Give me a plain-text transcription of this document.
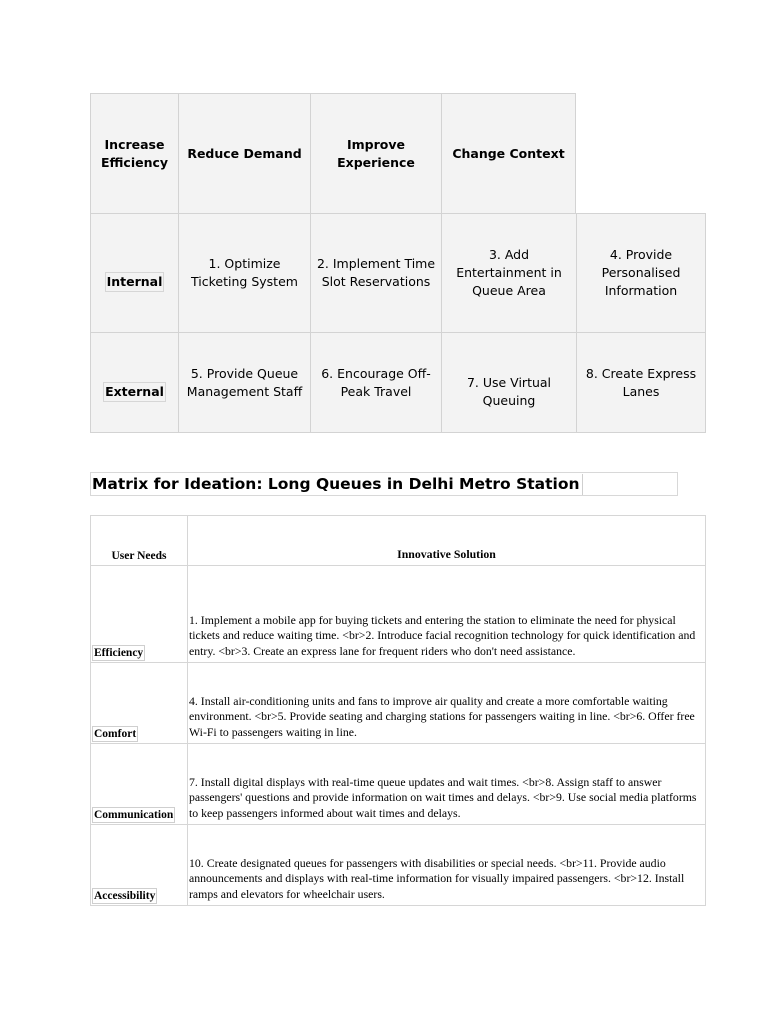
Increase Efficiency
Reduce Demand
Improve Experience
Change Context
Internal
1. Optimize Ticketing System
2. Implement Time Slot Reservations
3. Add Entertainment in Queue Area
4. Provide Personalised Information
External
5. Provide Queue Management Staff
6. Encourage Off-Peak Travel
7. Use Virtual Queuing
8. Create Express Lanes
Matrix for Ideation: Long Queues in Delhi Metro Station
User Needs	Innovative Solution
Efficiency
1. Implement a mobile app for buying tickets and entering the station to eliminate the need for physical tickets and reduce waiting time. <br>2. Introduce facial recognition technology for quick identification and entry. <br>3. Create an express lane for frequent riders who don't need assistance.
Comfort
4. Install air-conditioning units and fans to improve air quality and create a more comfortable waiting environment. <br>5. Provide seating and charging stations for passengers waiting in line. <br>6. Offer free Wi-Fi to passengers waiting in line.
Communication
7. Install digital displays with real-time queue updates and wait times. <br>8. Assign staff to answer passengers' questions and provide information on wait times and delays. <br>9. Use social media platforms to keep passengers informed about wait times and delays.
Accessibility
10. Create designated queues for passengers with disabilities or special needs. <br>11. Provide audio announcements and displays with real-time information for visually impaired passengers. <br>12. Install ramps and elevators for wheelchair users.
